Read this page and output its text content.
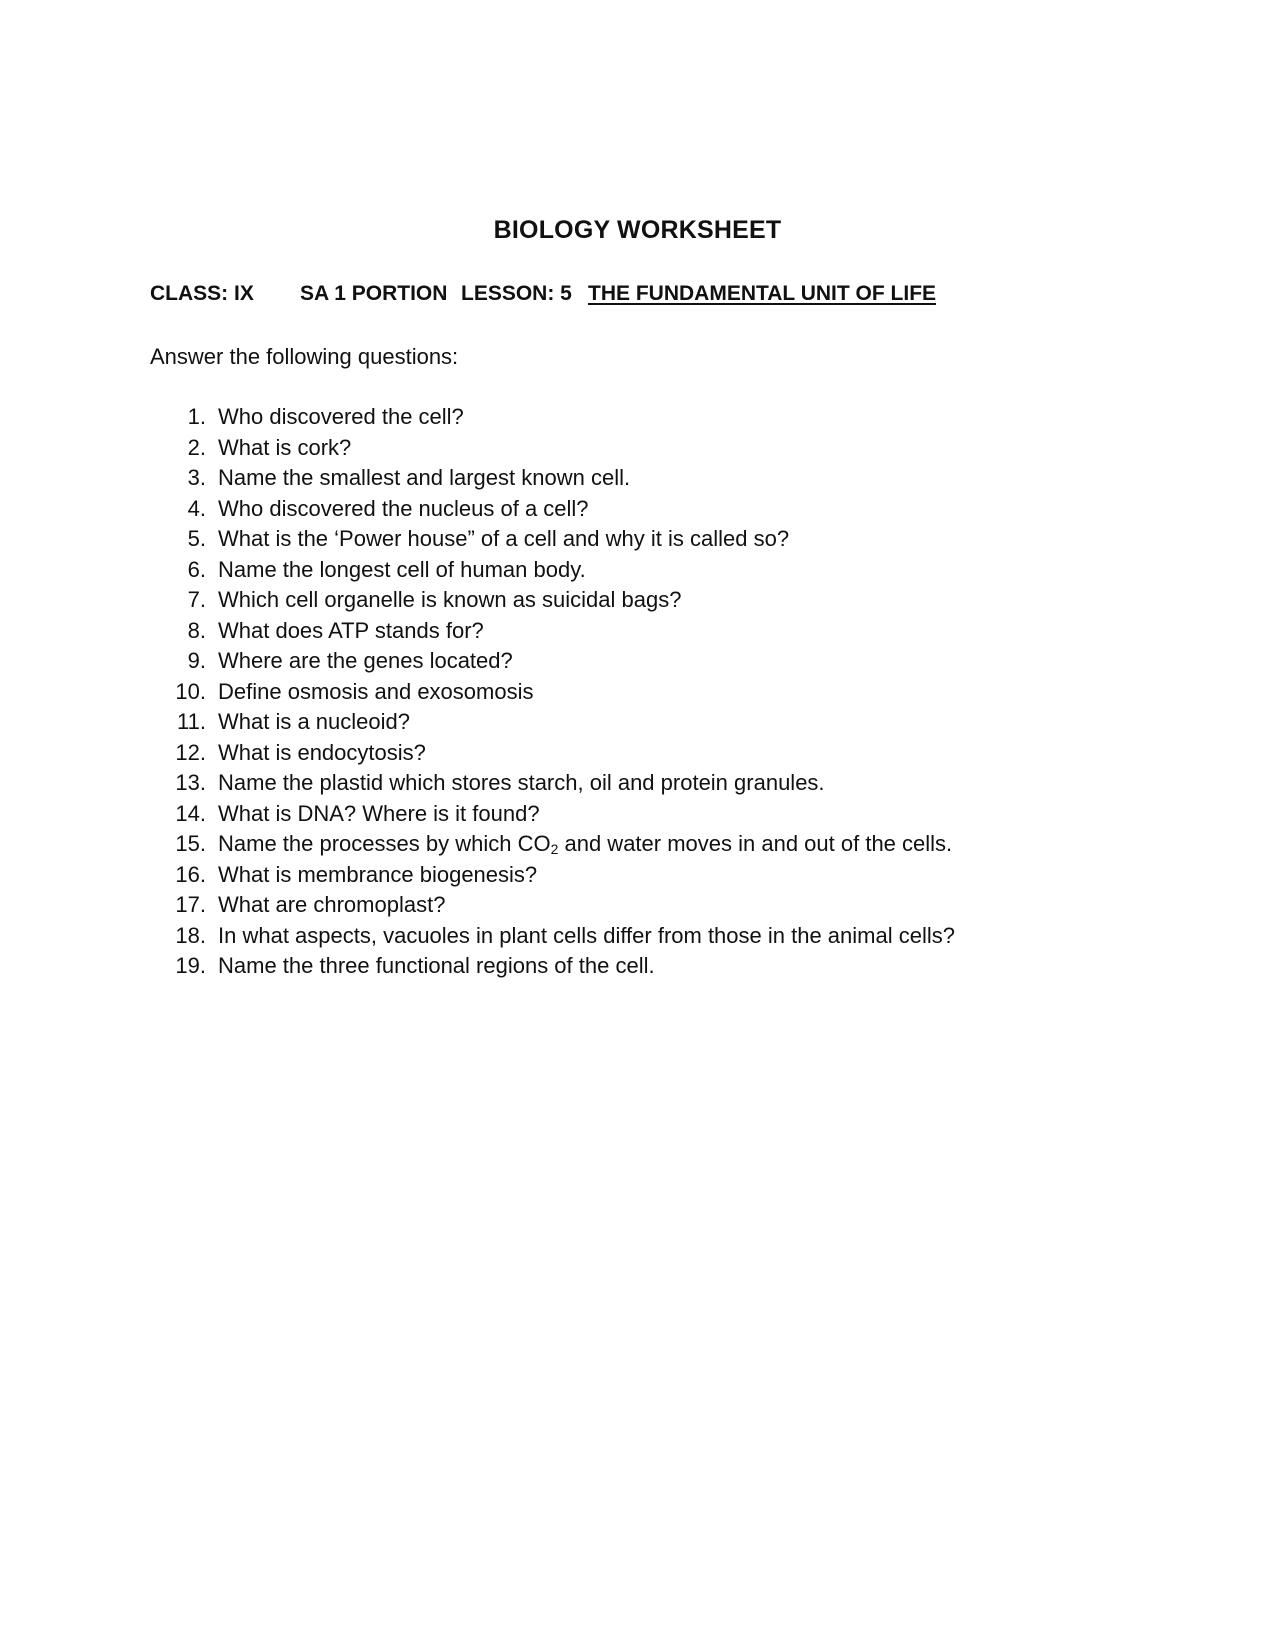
BIOLOGY WORKSHEET
CLASS: IX SA 1 PORTION LESSON: 5 THE FUNDAMENTAL UNIT OF LIFE
Answer the following questions:
1. Who discovered the cell?
2. What is cork?
3. Name the smallest and largest known cell.
4. Who discovered the nucleus of a cell?
5. What is the ‘Power house” of a cell and why it is called so?
6. Name the longest cell of human body.
7. Which cell organelle is known as suicidal bags?
8. What does ATP stands for?
9. Where are the genes located?
10. Define osmosis and exosomosis
11. What is a nucleoid?
12. What is endocytosis?
13. Name the plastid which stores starch, oil and protein granules.
14. What is DNA? Where is it found?
15. Name the processes by which $CO_2$ and water moves in and out of the cells.
16. What is membrance biogenesis?
17. What are chromoplast?
18. In what aspects, vacuoles in plant cells differ from those in the animal cells?
19. Name the three functional regions of the cell.
